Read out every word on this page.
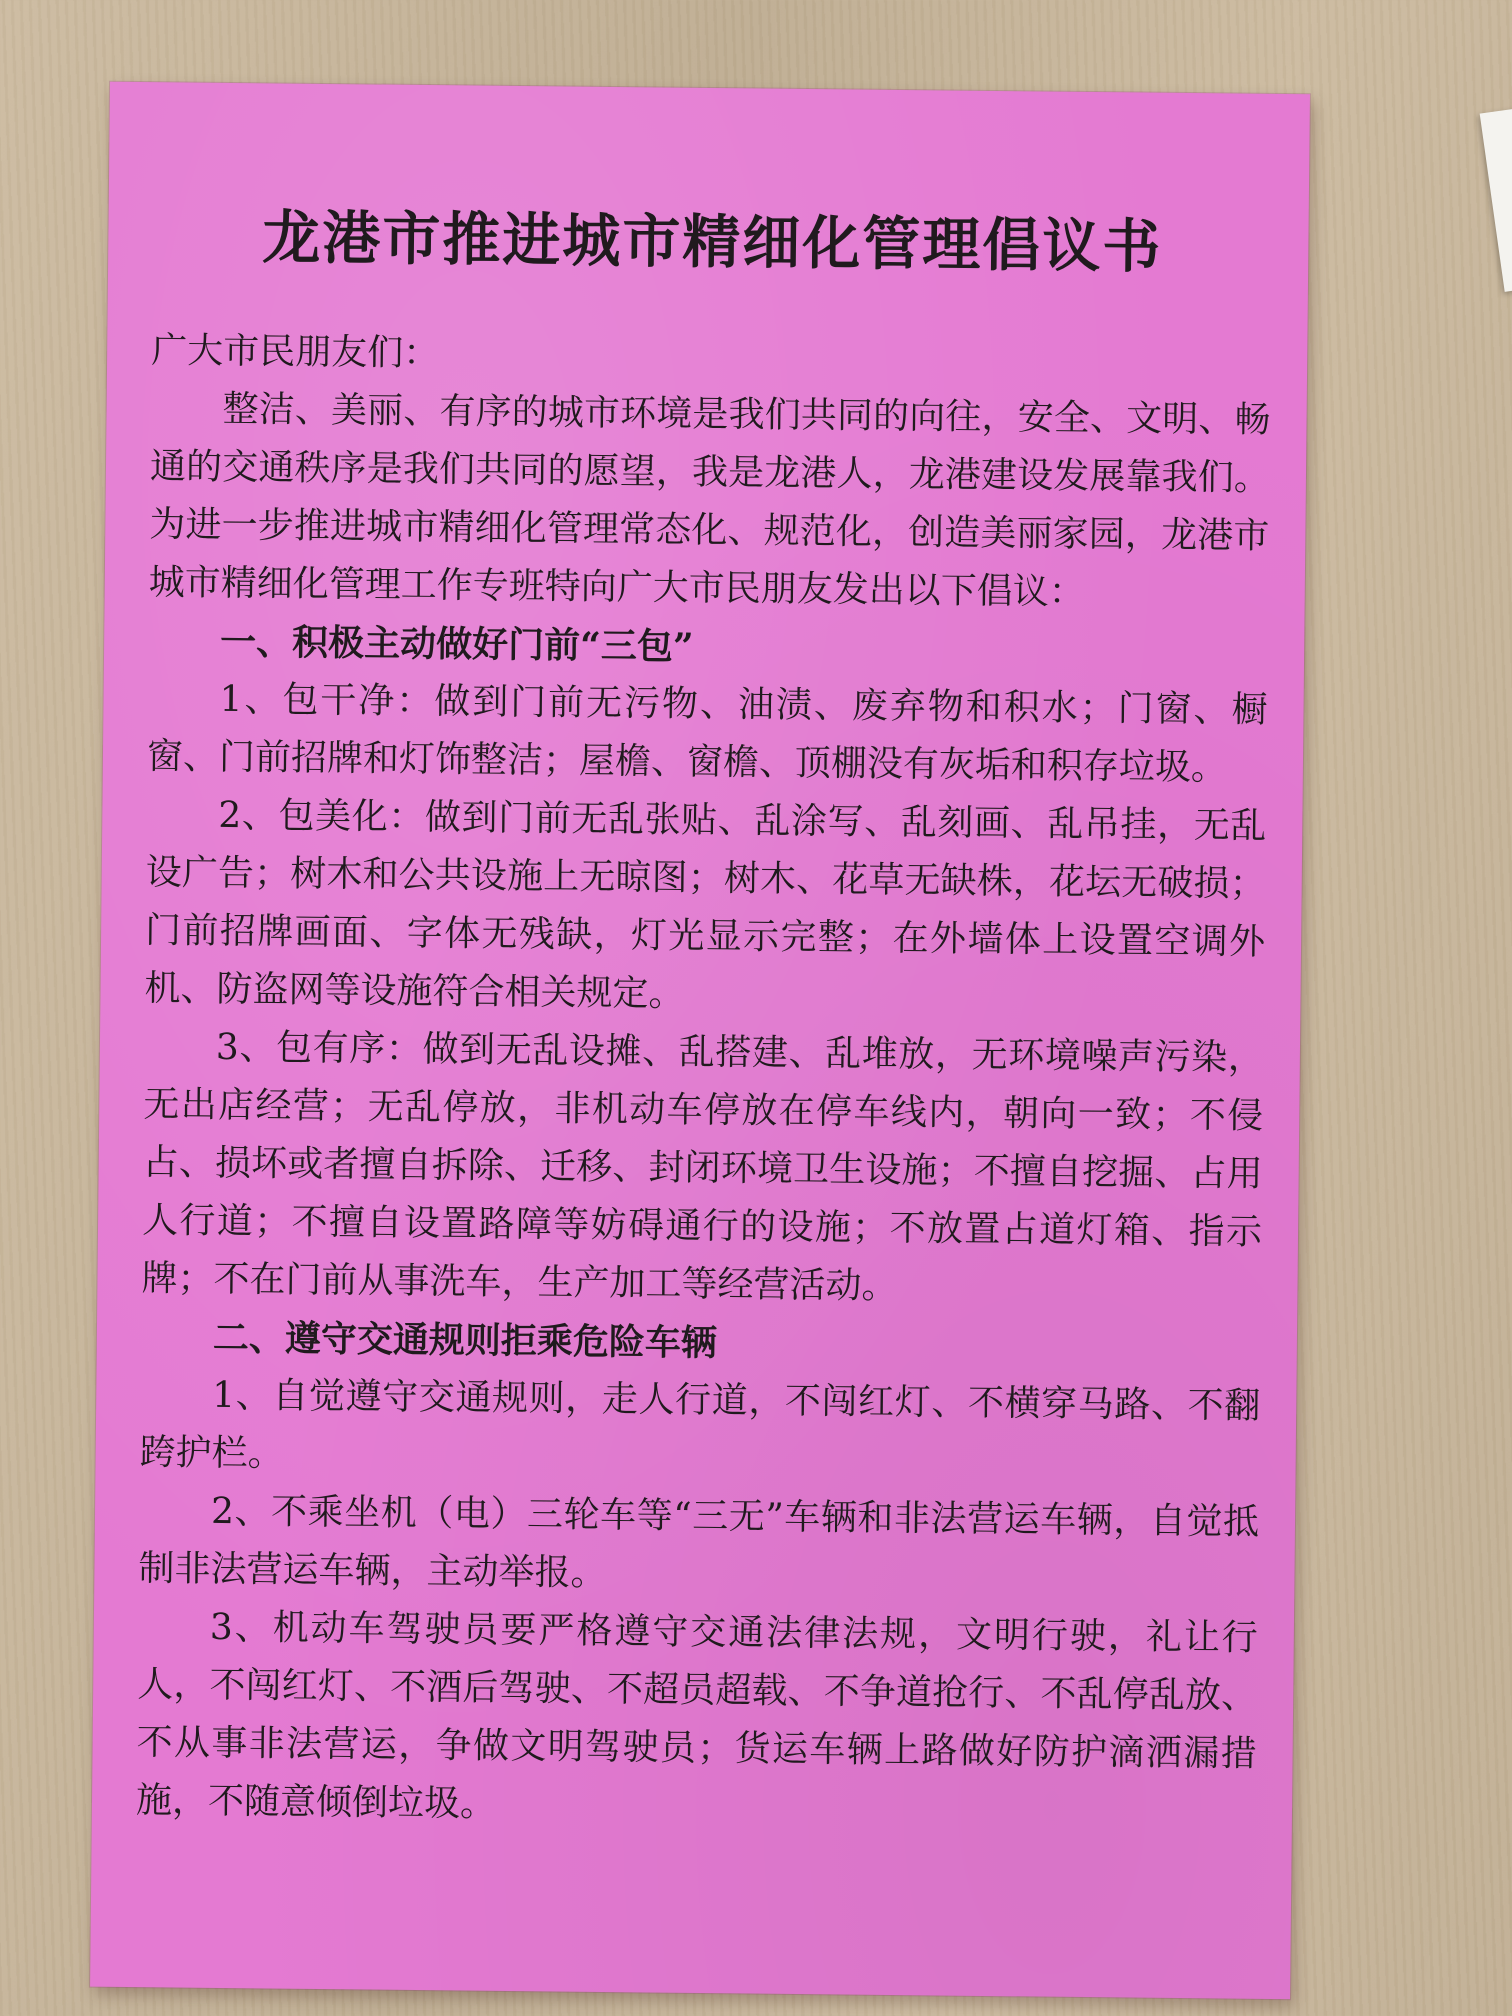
龙港市推进城市精细化管理倡议书

广大市民朋友们：

整洁、美丽、有序的城市环境是我们共同的向往，安全、文明、畅通的交通秩序是我们共同的愿望，我是龙港人，龙港建设发展靠我们。为进一步推进城市精细化管理常态化、规范化，创造美丽家园，龙港市城市精细化管理工作专班特向广大市民朋友发出以下倡议：

一、积极主动做好门前“三包”

1、包干净：做到门前无污物、油渍、废弃物和积水；门窗、橱窗、门前招牌和灯饰整洁；屋檐、窗檐、顶棚没有灰垢和积存垃圾。

2、包美化：做到门前无乱张贴、乱涂写、乱刻画、乱吊挂，无乱设广告；树木和公共设施上无晾图；树木、花草无缺株，花坛无破损；门前招牌画面、字体无残缺，灯光显示完整；在外墙体上设置空调外机、防盗网等设施符合相关规定。

3、包有序：做到无乱设摊、乱搭建、乱堆放，无环境噪声污染，无出店经营；无乱停放，非机动车停放在停车线内，朝向一致；不侵占、损坏或者擅自拆除、迁移、封闭环境卫生设施；不擅自挖掘、占用人行道；不擅自设置路障等妨碍通行的设施；不放置占道灯箱、指示牌；不在门前从事洗车，生产加工等经营活动。

二、遵守交通规则拒乘危险车辆

1、自觉遵守交通规则，走人行道，不闯红灯、不横穿马路、不翻跨护栏。

2、不乘坐机（电）三轮车等“三无”车辆和非法营运车辆，自觉抵制非法营运车辆，主动举报。

3、机动车驾驶员要严格遵守交通法律法规，文明行驶，礼让行人，不闯红灯、不酒后驾驶、不超员超载、不争道抢行、不乱停乱放、不从事非法营运，争做文明驾驶员；货运车辆上路做好防护滴洒漏措施，不随意倾倒垃圾。
